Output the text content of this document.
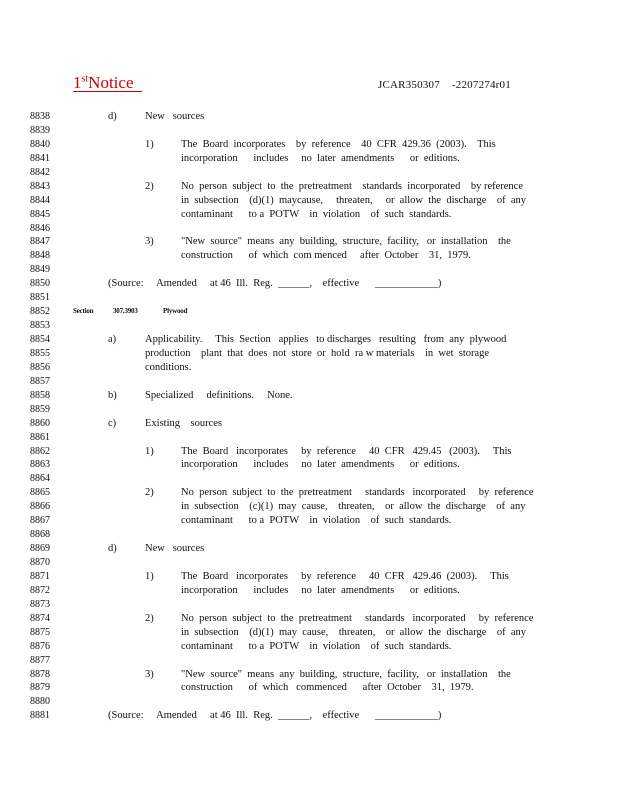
1stNotice	JCAR350307 -2207274r01
8838	d)	New   sources
8839
8840	1)	The  Board  incorporates    by  reference    40  CFR  429.36  (2003).    This
8841	incorporation      includes     no  later  amendments      or  editions.
8842
8843	2)	No  person  subject  to  the  pretreatment    standards  incorporated    by reference
8844	in  subsection    (d)(1)  maycause,     threaten,     or  allow  the  discharge    of  any
8845	contaminant      to a  POTW    in  violation    of  such  standards.
8846
8847	3)	"New  source"  means  any  building,  structure,  facility,   or  installation    the
8848	construction      of  which  com menced     after  October    31,  1979.
8849
8850	(Source:     Amended     at 46  Ill.  Reg.  ______,    effective      ____________)
8851
8852	Section	307.3903	Plywood
8853
8854	a)	Applicability.     This  Section   applies   to discharges   resulting   from  any  plywood
8855	production    plant  that  does  not  store  or  hold  ra w materials    in  wet  storage
8856	conditions.
8857
8858	b)	Specialized     definitions.     None.
8859
8860	c)	Existing    sources
8861
8862	1)	The  Board   incorporates     by  reference     40  CFR   429.45   (2003).     This
8863	incorporation      includes     no  later  amendments      or  editions.
8864
8865	2)	No  person  subject  to  the  pretreatment     standards   incorporated     by  reference
8866	in  subsection    (c)(1)  may  cause,    threaten,    or  allow  the  discharge    of  any
8867	contaminant      to a  POTW    in  violation    of  such  standards.
8868
8869	d)	New   sources
8870
8871	1)	The  Board   incorporates     by  reference     40  CFR   429.46  (2003).     This
8872	incorporation      includes     no  later  amendments      or  editions.
8873
8874	2)	No  person  subject  to  the  pretreatment     standards   incorporated     by  reference
8875	in  subsection    (d)(1)  may  cause,    threaten,    or  allow  the  discharge    of  any
8876	contaminant      to a  POTW    in  violation    of  such  standards.
8877
8878	3)	"New  source"  means  any  building,  structure,  facility,   or  installation    the
8879	construction      of  which   commenced      after  October    31,  1979.
8880
8881	(Source:     Amended     at 46  Ill.  Reg.  ______,    effective      ____________)
